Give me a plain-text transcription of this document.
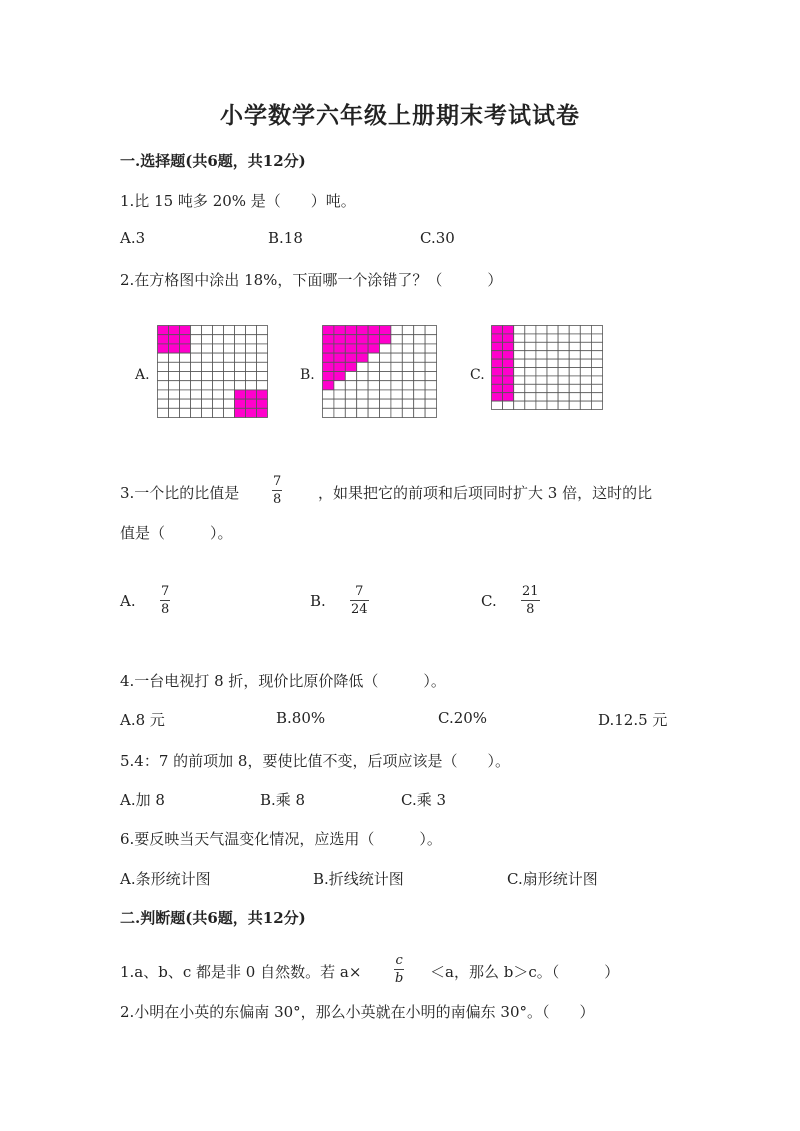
小学数学六年级上册期末考试试卷
一.选择题(共6题，共12分)
1.比 15 吨多 20% 是（　　）吨。
A.3	B.18	C.30
2.在方格图中涂出 18%，下面哪一个涂错了？（　　　）
A.	B.	C.
3.一个比的比值是
7
8 ，如果把它的前项和后项同时扩大 3 倍，这时的比
值是（　　　）。
A.
7
8	B.
7
24	C.
21
8
4.一台电视打 8 折，现价比原价降低（　　　）。
A.8 元	B.80%	C.20%	D.12.5 元
5.4：7 的前项加 8，要使比值不变，后项应该是（　　）。
A.加 8	B.乘 8	C.乘 3
6.要反映当天气温变化情况，应选用（　　　）。
A.条形统计图	B.折线统计图	C.扇形统计图
二.判断题(共6题，共12分)
1.a、b、c 都是非 0 自然数。若 a×
c
b ＜a，那么 b＞c。（　　　）
2.小明在小英的东偏南 30°，那么小英就在小明的南偏东 30°。（　　）
